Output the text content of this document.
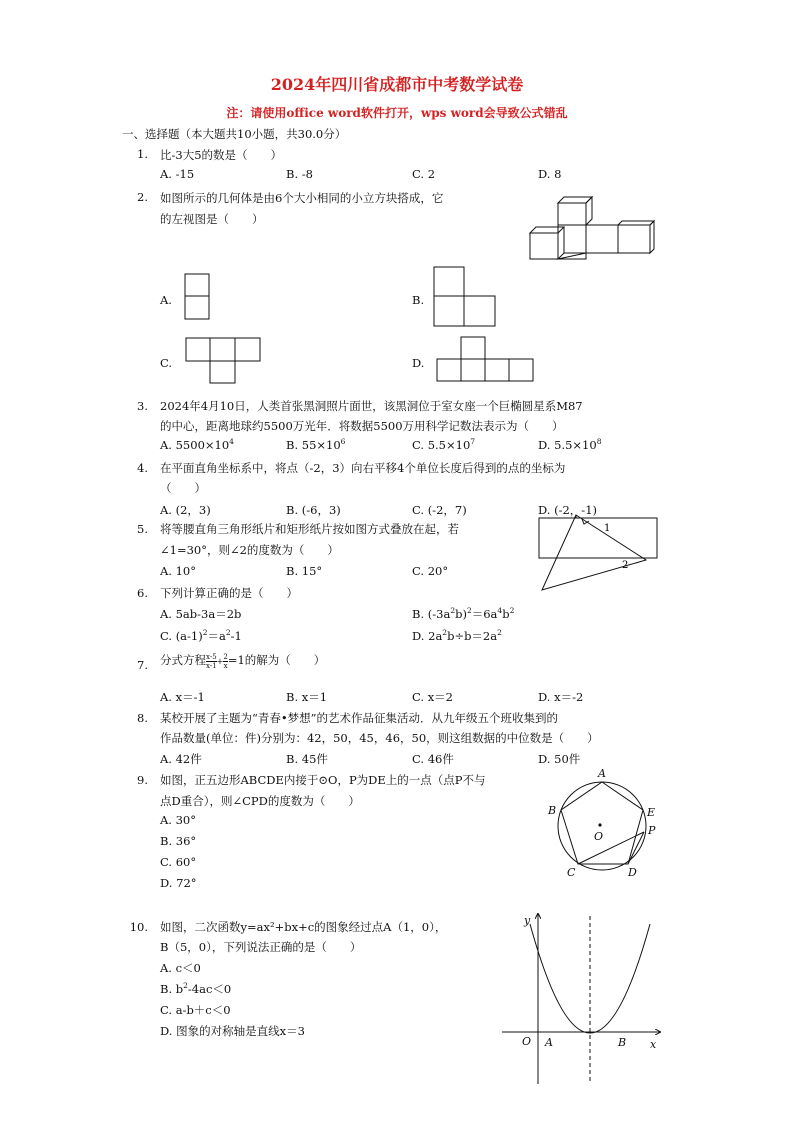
2024年四川省成都市中考数学试卷
注：请使用office word软件打开，wps word会导致公式错乱
一、选择题（本大题共10小题，共30.0分）
1. 比-3大5的数是（　　）
A. -15	B. -8	C. 2	D. 8
2. 如图所示的几何体是由6个大小相同的小立方块搭成，它
的左视图是（　　）
A.	B.
C.	D.
3. 2024年4月10日，人类首张黑洞照片面世，该黑洞位于室女座一个巨椭圆星系M87
的中心，距离地球约5500万光年．将数据5500万用科学记数法表示为（　　）
A. $5500\times 10^4$	B. $55\times 10^6$	C. $5.5\times 10^7$	D. $5.5\times 10^8$
4. 在平面直角坐标系中，将点（-2，3）向右平移4个单位长度后得到的点的坐标为
（　　）
A. (2，3)	B. (-6，3)	C. (-2，7)	D. (-2，-1)
5. 将等腰直角三角形纸片和矩形纸片按如图方式叠放在起，若
∠1=30°，则∠2的度数为（　　）
A. 10°	B. 15°	C. 20°
1
2
6. 下列计算正确的是（　　）
A. 5ab-3a＝2b	B. $(-3a^2b)^2=6a^4b^2$
C. $(a-1)^2=a^2-1$	D. $2a^2b\div b=2a^2$
7. 分式方程 $\frac{x-5}{x-1} + \frac{2}{x} =1$的解为（　　）
A. x＝-1	B. x＝1	C. x＝2	D. x＝-2
8. 某校开展了主题为“青春•梦想”的艺术作品征集活动．从九年级五个班收集到的
作品数量(单位：件)分别为：42，50，45，46，50，则这组数据的中位数是（　　）
A. 42件	B. 45件	C. 46件	D. 50件
9. 如图，正五边形ABCDE内接于⊙O，P为DE上的一点（点P不与
点D重合），则∠CPD的度数为（　　）
A. 30°
B. 36°
C. 60°
D. 72°
A
B
C	D
E
P
O
10. 如图，二次函数y=ax²+bx+c的图象经过点A（1，0），
B（5，0），下列说法正确的是（　　）
A. c＜0
B. $b^2-4ac<0$
C. a-b＋c＜0
D. 图象的对称轴是直线x＝3
y
x
O A	B
